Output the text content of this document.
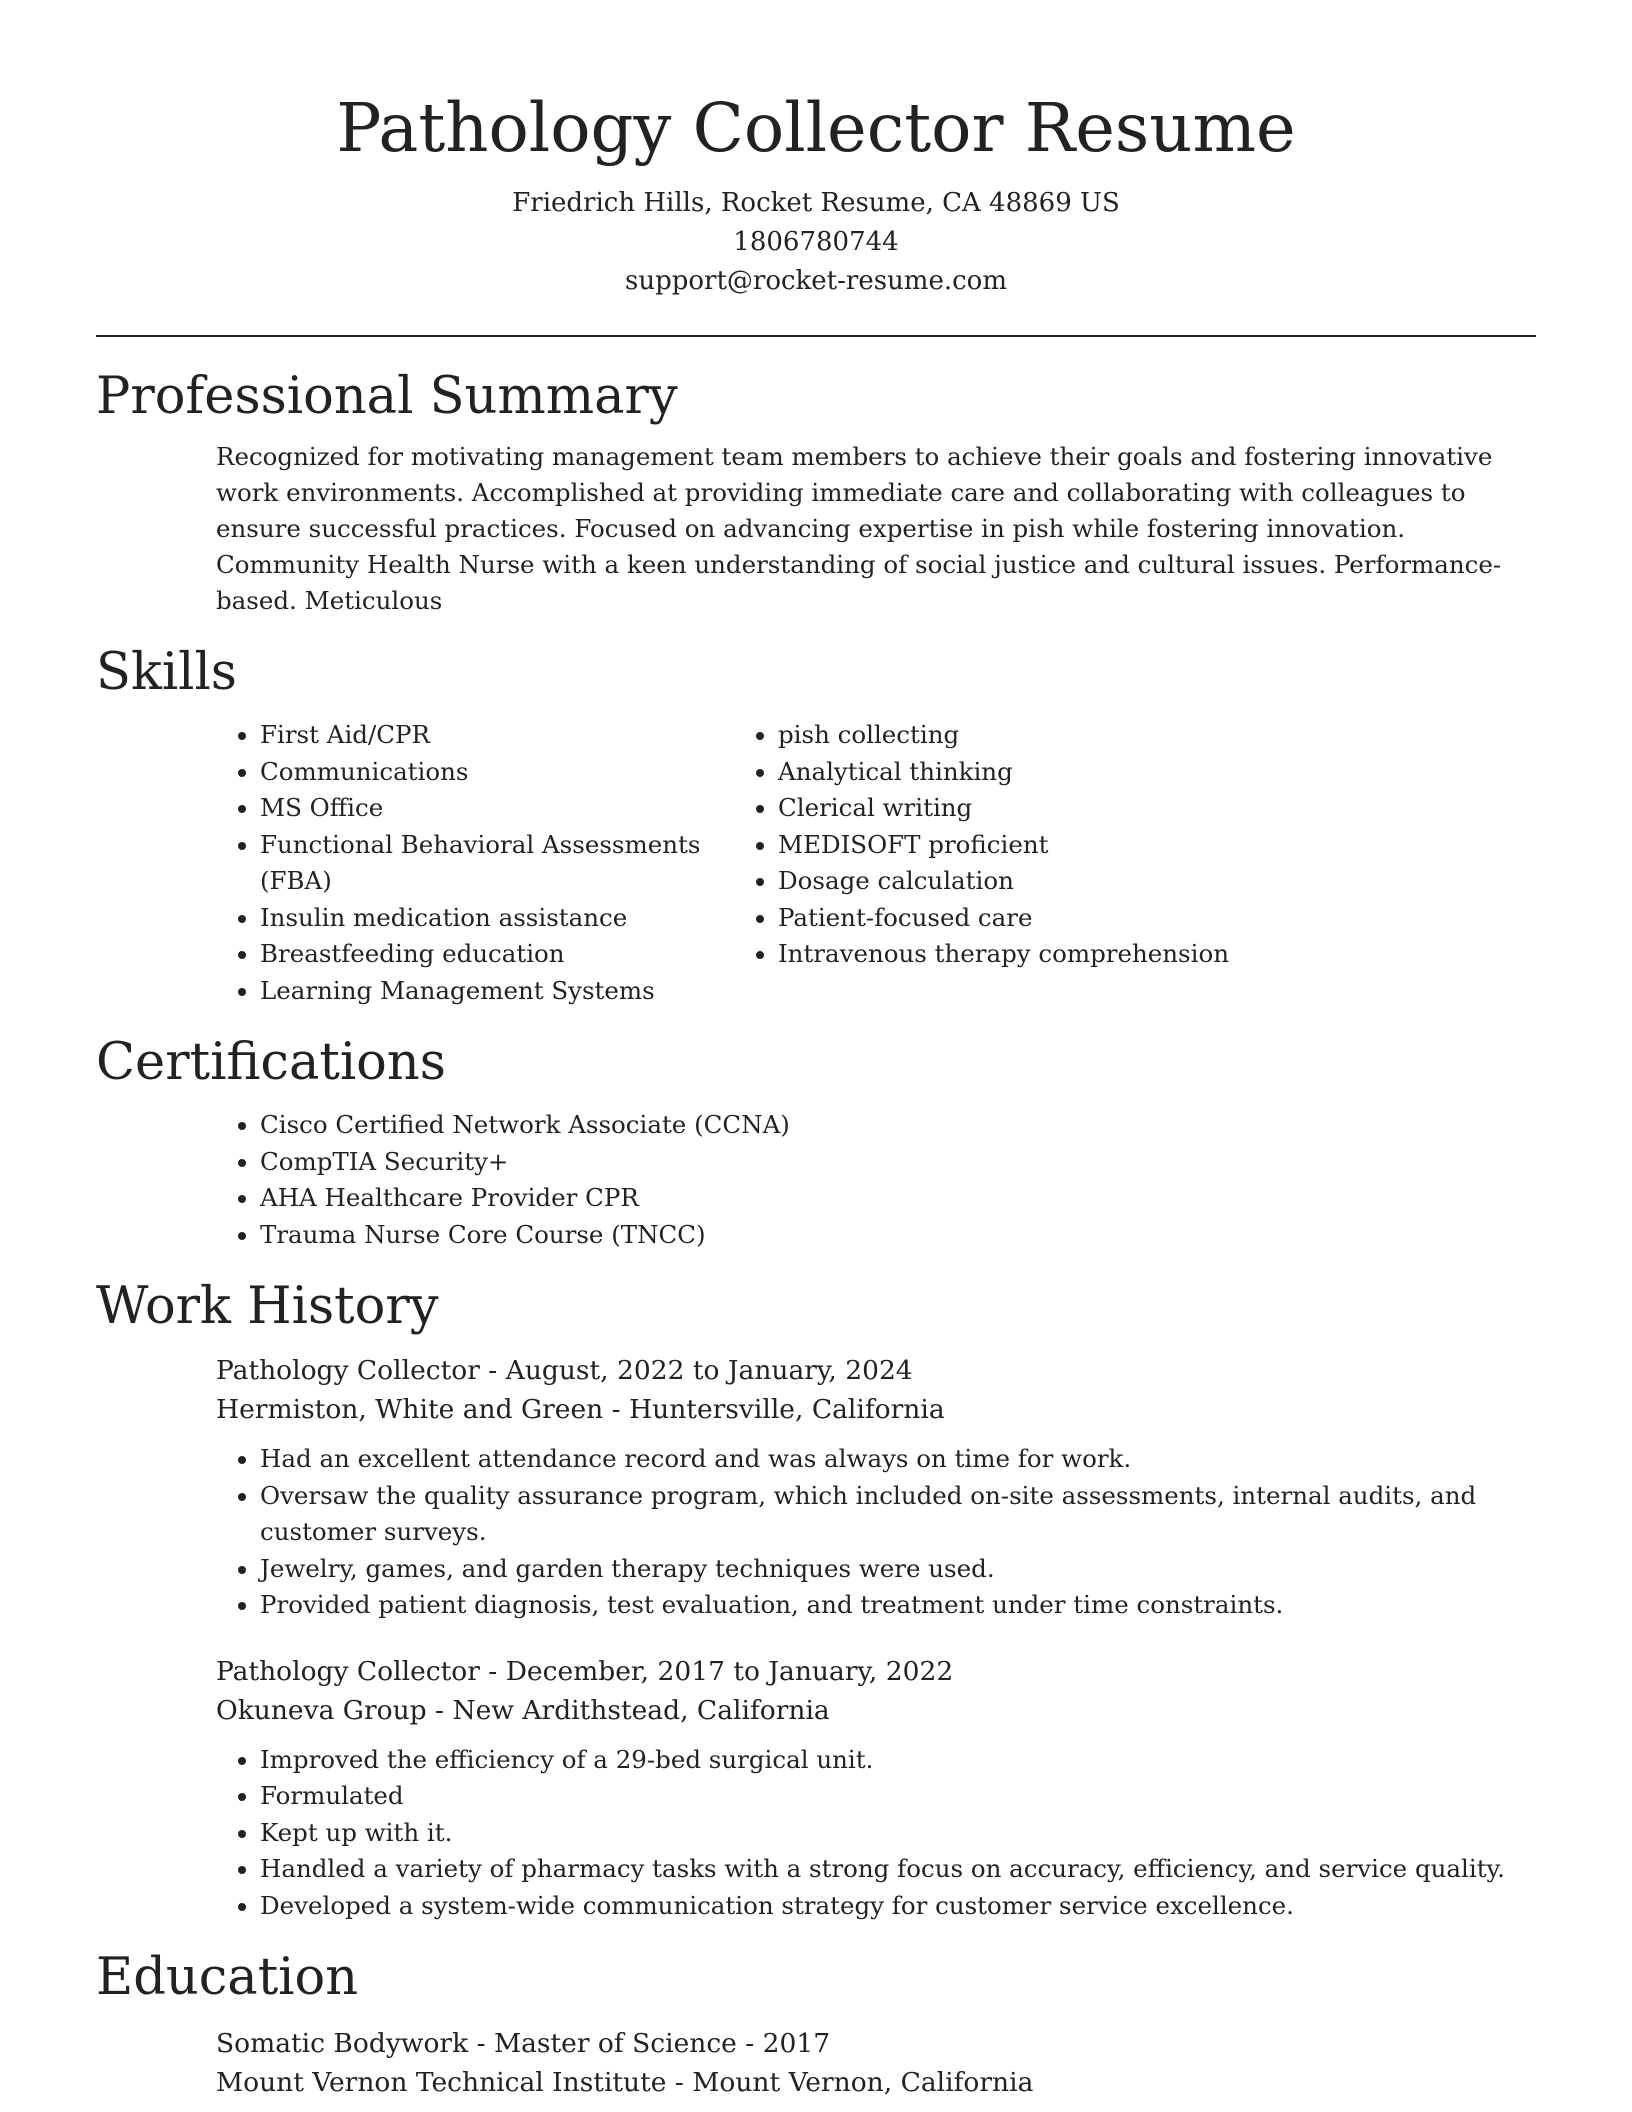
Pathology Collector Resume
Friedrich Hills, Rocket Resume, CA 48869 US
1806780744
support@rocket-resume.com
Professional Summary

Recognized for motivating management team members to achieve their goals and fostering innovative work environments. Accomplished at providing immediate care and collaborating with colleagues to ensure successful practices. Focused on advancing expertise in pish while fostering innovation. Community Health Nurse with a keen understanding of social justice and cultural issues. Performance-based. Meticulous

Skills
• First Aid/CPR
• Communications
• MS Office
• Functional Behavioral Assessments (FBA)
• Insulin medication assistance
• Breastfeeding education
• Learning Management Systems
• pish collecting
• Analytical thinking
• Clerical writing
• MEDISOFT proficient
• Dosage calculation
• Patient-focused care
• Intravenous therapy comprehension
Certifications
• Cisco Certified Network Associate (CCNA)
• CompTIA Security+
• AHA Healthcare Provider CPR
• Trauma Nurse Core Course (TNCC)
Work History
Pathology Collector - August, 2022 to January, 2024
Hermiston, White and Green - Huntersville, California
• Had an excellent attendance record and was always on time for work.
• Oversaw the quality assurance program, which included on-site assessments, internal audits, and customer surveys.
• Jewelry, games, and garden therapy techniques were used.
• Provided patient diagnosis, test evaluation, and treatment under time constraints.
Pathology Collector - December, 2017 to January, 2022
Okuneva Group - New Ardithstead, California
• Improved the efficiency of a 29-bed surgical unit.
• Formulated
• Kept up with it.
• Handled a variety of pharmacy tasks with a strong focus on accuracy, efficiency, and service quality.
• Developed a system-wide communication strategy for customer service excellence.
Education
Somatic Bodywork - Master of Science - 2017
Mount Vernon Technical Institute - Mount Vernon, California
